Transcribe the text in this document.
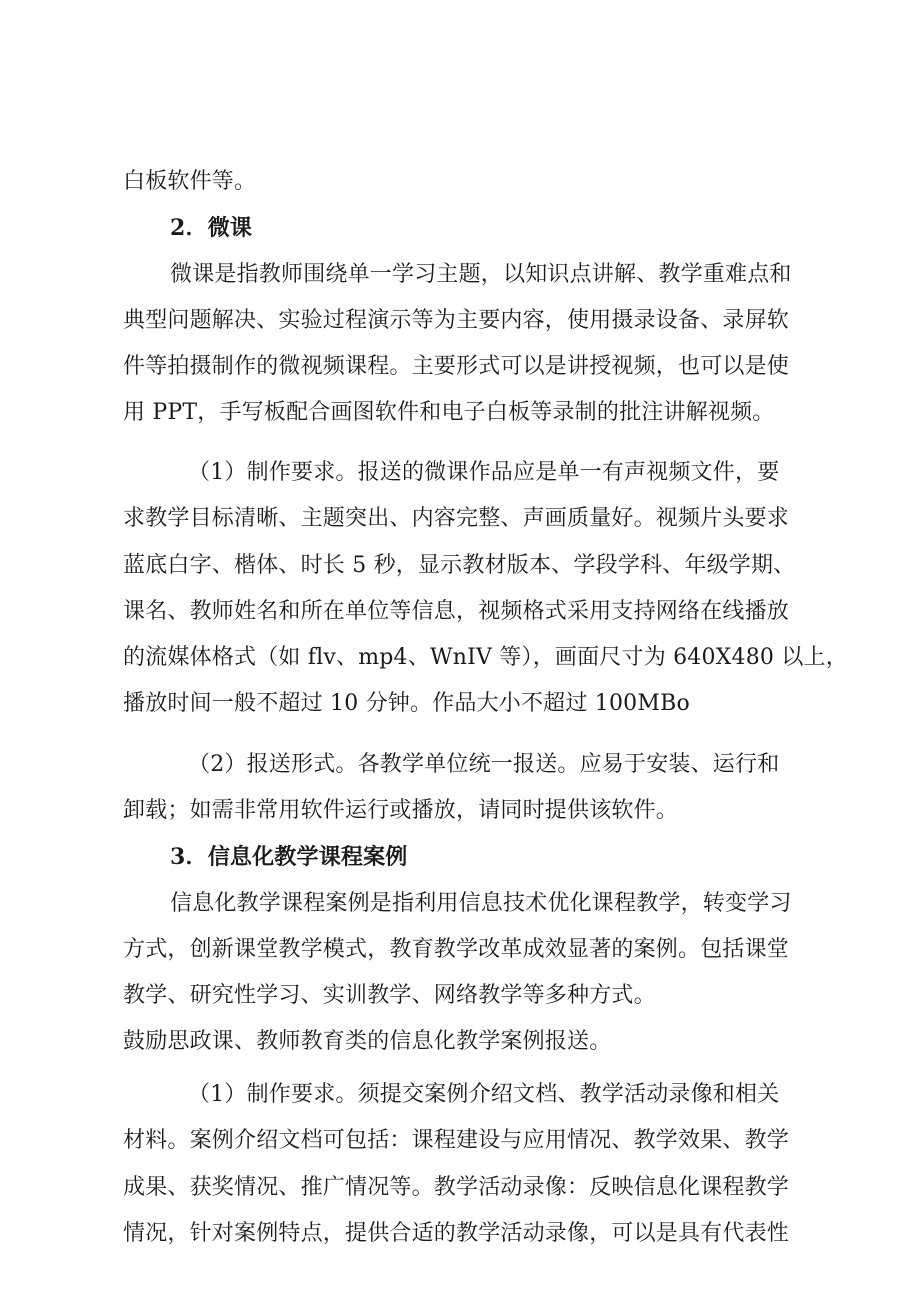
白板软件等。
2．微课
微课是指教师围绕单一学习主题，以知识点讲解、教学重难点和
典型问题解决、实验过程演示等为主要内容，使用摄录设备、录屏软
件等拍摄制作的微视频课程。主要形式可以是讲授视频，也可以是使
用 PPT，手写板配合画图软件和电子白板等录制的批注讲解视频。
（1）制作要求。报送的微课作品应是单一有声视频文件，要
求教学目标清晰、主题突出、内容完整、声画质量好。视频片头要求
蓝底白字、楷体、时长 5 秒，显示教材版本、学段学科、年级学期、
课名、教师姓名和所在单位等信息，视频格式采用支持网络在线播放
的流媒体格式（如 flv、mp4、WnIV 等），画面尺寸为 640X480 以上，
播放时间一般不超过 10 分钟。作品大小不超过 100MBo
（2）报送形式。各教学单位统一报送。应易于安装、运行和
卸载；如需非常用软件运行或播放，请同时提供该软件。
3．信息化教学课程案例
信息化教学课程案例是指利用信息技术优化课程教学，转变学习
方式，创新课堂教学模式，教育教学改革成效显著的案例。包括课堂
教学、研究性学习、实训教学、网络教学等多种方式。
鼓励思政课、教师教育类的信息化教学案例报送。
（1）制作要求。须提交案例介绍文档、教学活动录像和相关
材料。案例介绍文档可包括：课程建设与应用情况、教学效果、教学
成果、获奖情况、推广情况等。教学活动录像：反映信息化课程教学
情况，针对案例特点，提供合适的教学活动录像，可以是具有代表性
